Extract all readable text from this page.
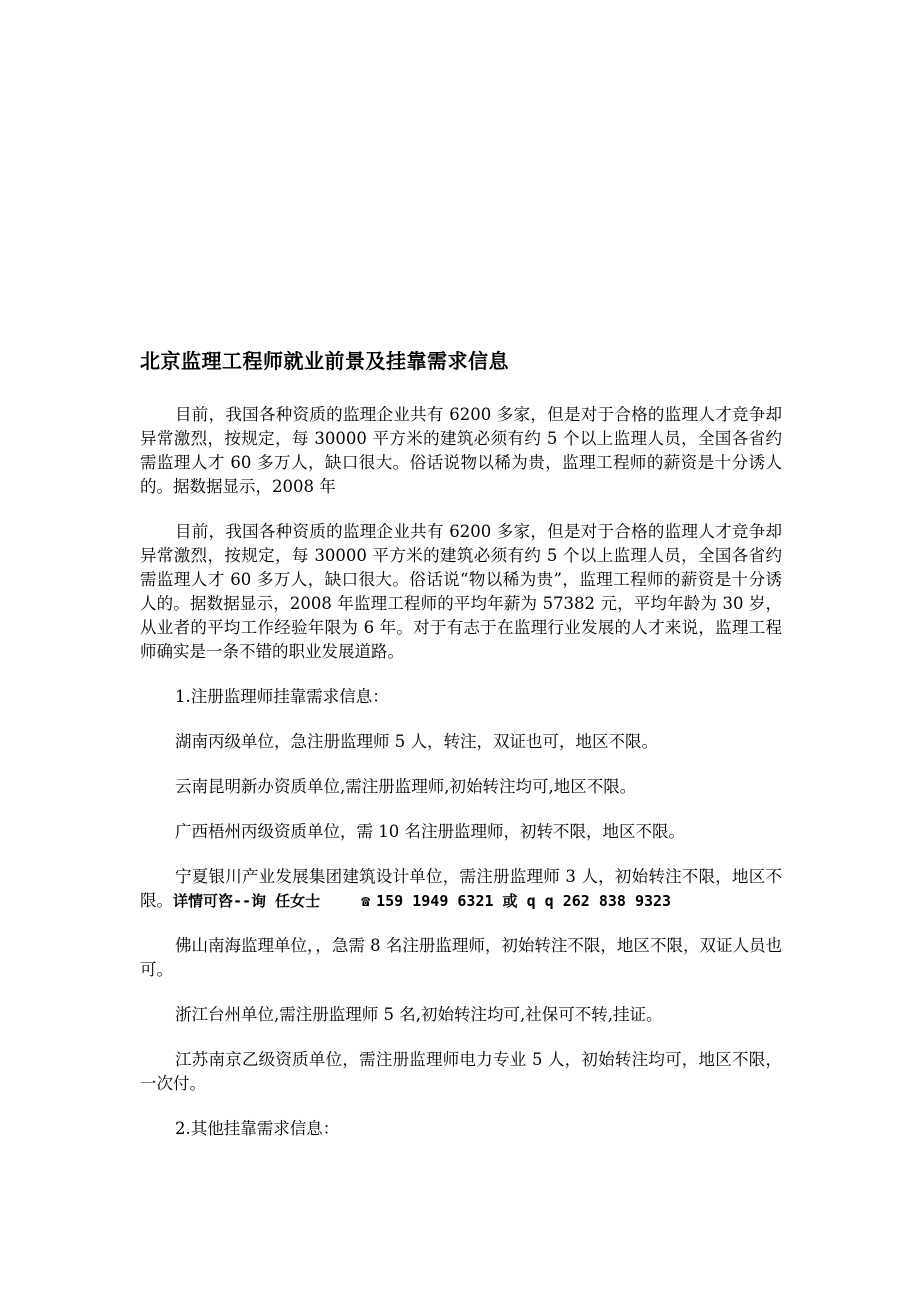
北京监理工程师就业前景及挂靠需求信息

目前，我国各种资质的监理企业共有 6200 多家，但是对于合格的监理人才竞争却异常激烈，按规定，每 30000 平方米的建筑必须有约 5 个以上监理人员，全国各省约需监理人才 60 多万人，缺口很大。俗话说物以稀为贵，监理工程师的薪资是十分诱人的。据数据显示，2008 年

目前，我国各种资质的监理企业共有 6200 多家，但是对于合格的监理人才竞争却异常激烈，按规定，每 30000 平方米的建筑必须有约 5 个以上监理人员，全国各省约需监理人才 60 多万人，缺口很大。俗话说“物以稀为贵”，监理工程师的薪资是十分诱人的。据数据显示，2008 年监理工程师的平均年薪为 57382 元，平均年龄为 30 岁，从业者的平均工作经验年限为 6 年。对于有志于在监理行业发展的人才来说，监理工程师确实是一条不错的职业发展道路。

1.注册监理师挂靠需求信息：

湖南丙级单位，急注册监理师 5 人，转注，双证也可，地区不限。

云南昆明新办资质单位,需注册监理师,初始转注均可,地区不限。

广西梧州丙级资质单位，需 10 名注册监理师，初转不限，地区不限。

宁夏银川产业发展集团建筑设计单位，需注册监理师 3 人，初始转注不限，地区不限。详情可咨--询 任女士	☎ 159 1949 6321 或 q q 262 838 9323

佛山南海监理单位，，急需 8 名注册监理师，初始转注不限，地区不限，双证人员也可。

浙江台州单位,需注册监理师 5 名,初始转注均可,社保可不转,挂证。

江苏南京乙级资质单位，需注册监理师电力专业 5 人，初始转注均可，地区不限，一次付。

2.其他挂靠需求信息：
